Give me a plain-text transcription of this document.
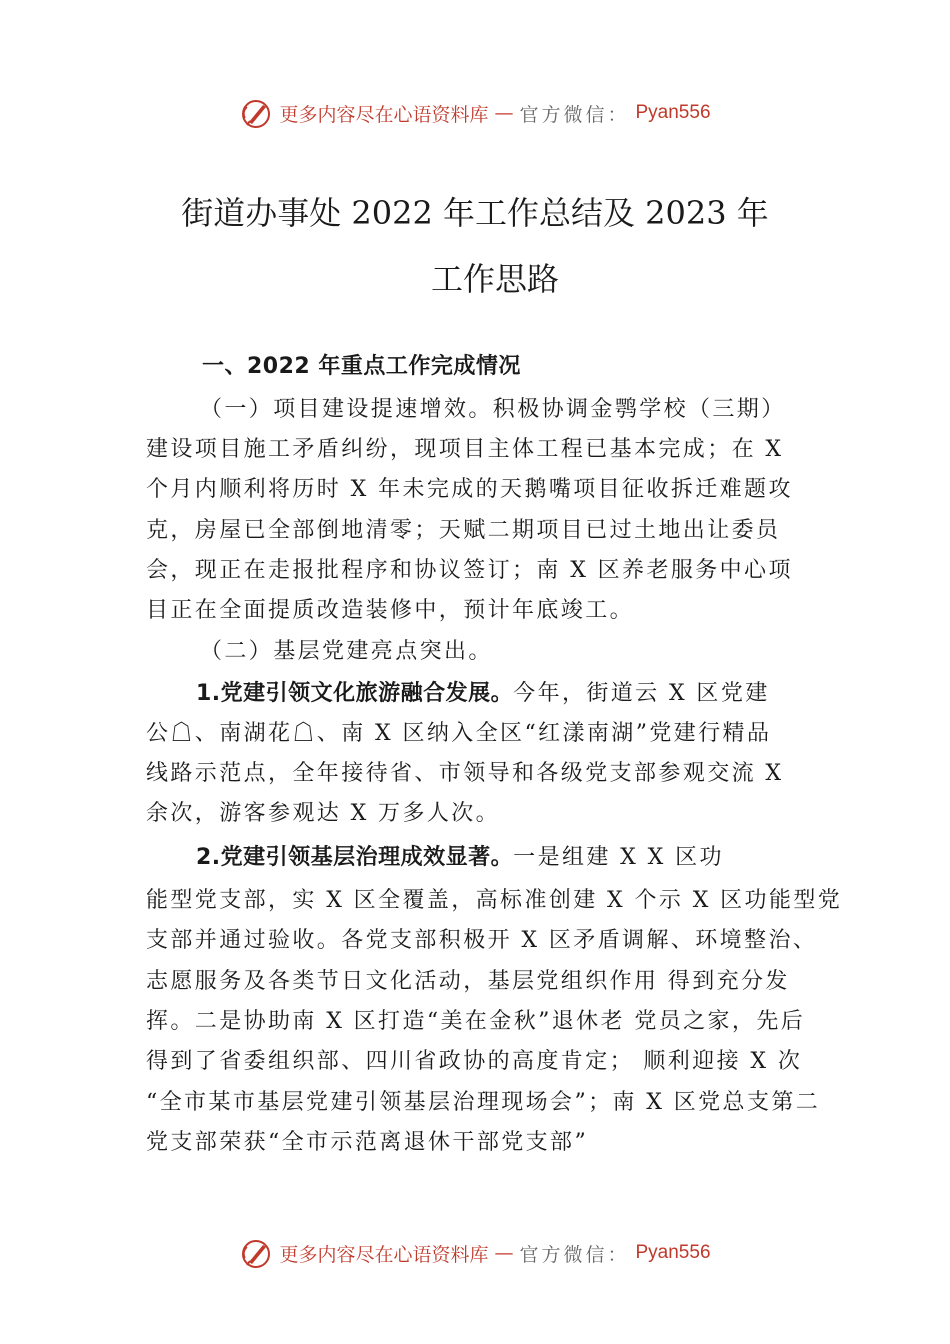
更多内容尽在心语资料库 — 官方微信： Pyan556
街道办事处 2022 年工作总结及 2023 年
工作思路
一、2022 年重点工作完成情况
（一）项目建设提速增效。积极协调金鹗学校（三期）
建设项目施工矛盾纠纷，现项目主体工程已基本完成；在 X
个月内顺利将历时 X 年未完成的天鹅嘴项目征收拆迁难题攻
克，房屋已全部倒地清零；天赋二期项目已过土地出让委员
会，现正在走报批程序和协议签订；南 X 区养老服务中心项
目正在全面提质改造装修中，预计年底竣工。
（二）基层党建亮点突出。
1.党建引领文化旅游融合发展。今年，街道云 X 区党建
公☖、南湖花☖、南 X 区纳入全区“红漾南湖”党建行精品
线路示范点，全年接待省、市领导和各级党支部参观交流 X
余次，游客参观达 X 万多人次。
2.党建引领基层治理成效显著。一是组建 X X 区功
能型党支部，实 X 区全覆盖，高标准创建 X 个示 X 区功能型党
支部并通过验收。各党支部积极开 X 区矛盾调解、环境整治、
志愿服务及各类节日文化活动，基层党组织作用 得到充分发
挥。二是协助南 X 区打造“美在金秋”退休老 党员之家，先后
得到了省委组织部、四川省政协的高度肯定； 顺利迎接 X 次
“全市某市基层党建引领基层治理现场会”；南 X 区党总支第二
党支部荣获“全市示范离退休干部党支部”
更多内容尽在心语资料库 — 官方微信： Pyan556
